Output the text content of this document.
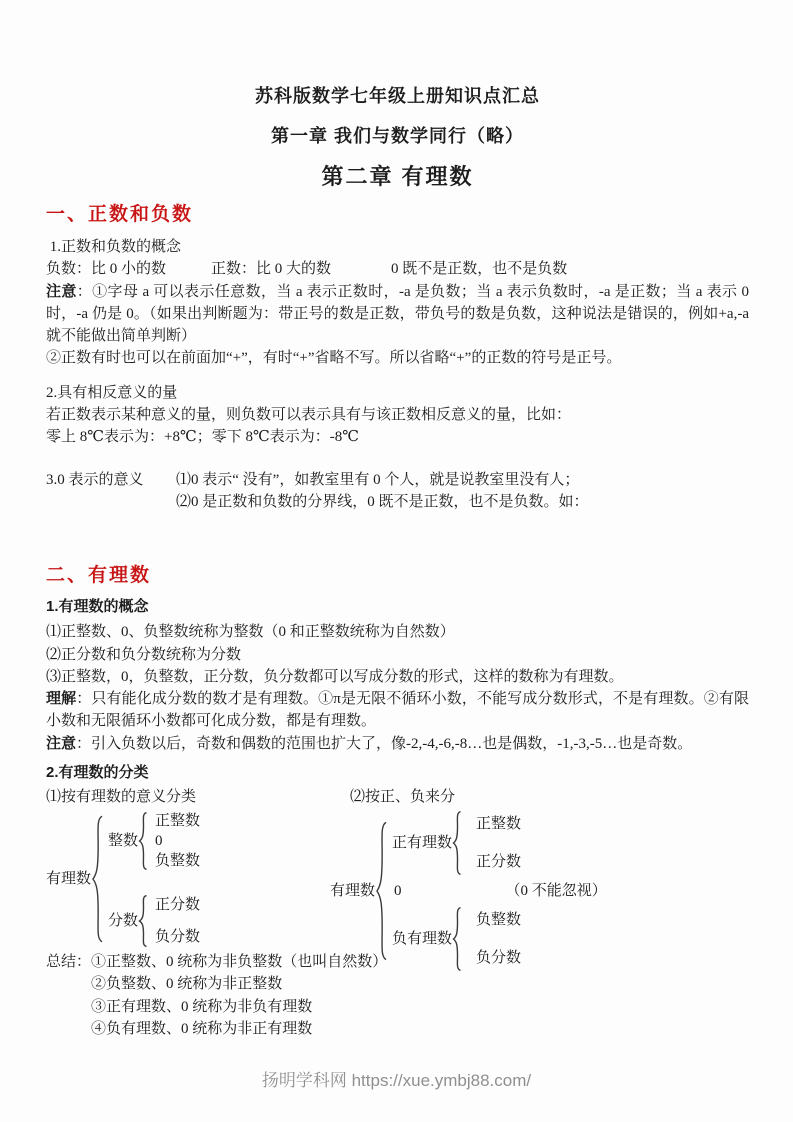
苏科版数学七年级上册知识点汇总
第一章 我们与数学同行（略）
第二章 有理数
一、正数和负数

1.正数和负数的概念

负数：比 0 小的数　　　正数：比 0 大的数　　　　0 既不是正数，也不是负数

注意：①字母 a 可以表示任意数，当 a 表示正数时，-a 是负数；当 a 表示负数时，-a 是正数；当 a 表示 0 时，-a 仍是 0。（如果出判断题为：带正号的数是正数，带负号的数是负数，这种说法是错误的，例如+a,-a 就不能做出简单判断）

②正数有时也可以在前面加“+”，有时“+”省略不写。所以省略“+”的正数的符号是正号。

2.具有相反意义的量

若正数表示某种意义的量，则负数可以表示具有与该正数相反意义的量，比如：

零上 8℃表示为：+8℃；零下 8℃表示为：-8℃

3.0 表示的意义	⑴0 表示“ 没有”，如教室里有 0 个人，就是说教室里没有人；

⑵0 是正数和负数的分界线，0 既不是正数，也不是负数。如：

二、有理数

1.有理数的概念

⑴正整数、0、负整数统称为整数（0 和正整数统称为自然数）

⑵正分数和负分数统称为分数

⑶正整数，0，负整数，正分数，负分数都可以写成分数的形式，这样的数称为有理数。

理解：只有能化成分数的数才是有理数。①π是无限不循环小数，不能写成分数形式，不是有理数。②有限小数和无限循环小数都可化成分数，都是有理数。

注意：引入负数以后，奇数和偶数的范围也扩大了，像-2,-4,-6,-8…也是偶数，-1,-3,-5…也是奇数。

2.有理数的分类

⑴按有理数的意义分类

有理数
整数
正整数
0
负整数
分数
正分数
负分数

⑵按正、负来分

有理数
正有理数
正整数
正分数
0	（0 不能忽视）
负有理数
负整数
负分数
总结： ①正整数、0 统称为非负整数（也叫自然数）

②负整数、0 统称为非正整数

③正有理数、0 统称为非负有理数

④负有理数、0 统称为非正有理数

扬明学科网 https://xue.ymbj88.com/
